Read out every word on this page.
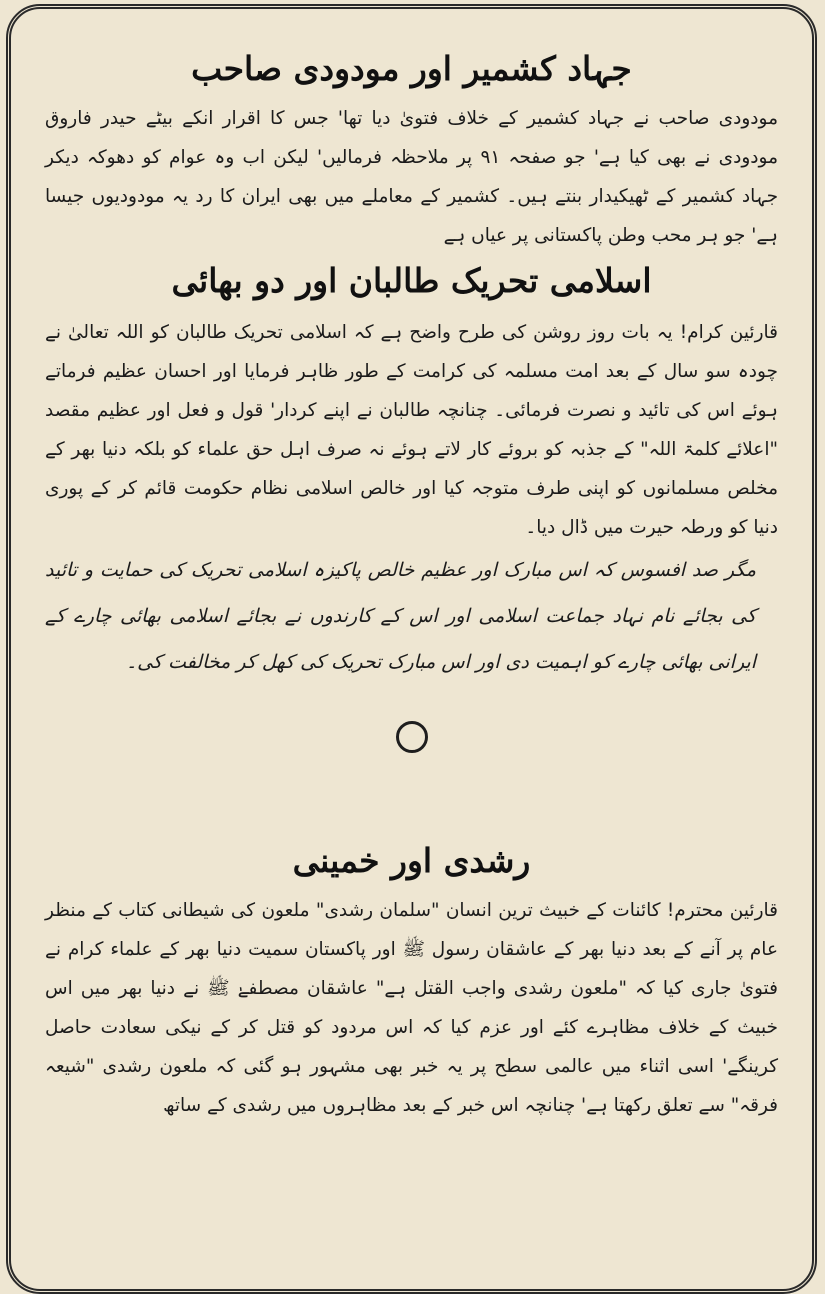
جہاد کشمیر اور مودودی صاحب

مودودی صاحب نے جہاد کشمیر کے خلاف فتویٰ دیا تھا' جس کا اقرار انکے بیٹے حیدر فاروق مودودی نے بھی کیا ہے' جو صفحہ ۹۱ پر ملاحظہ فرمالیں' لیکن اب وہ عوام کو دھوکہ دیکر جہاد کشمیر کے ٹھیکیدار بنتے ہیں۔ کشمیر کے معاملے میں بھی ایران کا رد یہ مودودیوں جیسا ہے' جو ہر محب وطن پاکستانی پر عیاں ہے

اسلامی تحریک طالبان اور دو بھائی

قارئین کرام! یہ بات روز روشن کی طرح واضح ہے کہ اسلامی تحریک طالبان کو اللہ تعالیٰ نے چودہ سو سال کے بعد امت مسلمہ کی کرامت کے طور ظاہر فرمایا اور احسان عظیم فرماتے ہوئے اس کی تائید و نصرت فرمائی۔ چنانچہ طالبان نے اپنے کردار' قول و فعل اور عظیم مقصد "اعلائے کلمۃ اللہ" کے جذبہ کو بروئے کار لاتے ہوئے نہ صرف اہل حق علماء کو بلکہ دنیا بھر کے مخلص مسلمانوں کو اپنی طرف متوجہ کیا اور خالص اسلامی نظام حکومت قائم کر کے پوری دنیا کو ورطہ حیرت میں ڈال دیا۔

مگر صد افسوس کہ اس مبارک اور عظیم خالص پاکیزہ اسلامی تحریک کی حمایت و تائید کی بجائے نام نہاد جماعت اسلامی اور اس کے کارندوں نے بجائے اسلامی بھائی چارے کے ایرانی بھائی چارے کو اہمیت دی اور اس مبارک تحریک کی کھل کر مخالفت کی۔

رشدی اور خمینی

قارئین محترم! کائنات کے خبیث ترین انسان "سلمان رشدی" ملعون کی شیطانی کتاب کے منظر عام پر آنے کے بعد دنیا بھر کے عاشقان رسول ﷺ اور پاکستان سمیت دنیا بھر کے علماء کرام نے فتویٰ جاری کیا کہ "ملعون رشدی واجب القتل ہے" عاشقان مصطفےٰ ﷺ نے دنیا بھر میں اس خبیث کے خلاف مظاہرے کئے اور عزم کیا کہ اس مردود کو قتل کر کے نیکی سعادت حاصل کرینگے' اسی اثناء میں عالمی سطح پر یہ خبر بھی مشہور ہو گئی کہ ملعون رشدی "شیعہ فرقہ" سے تعلق رکھتا ہے' چنانچہ اس خبر کے بعد مظاہروں میں رشدی کے ساتھ
